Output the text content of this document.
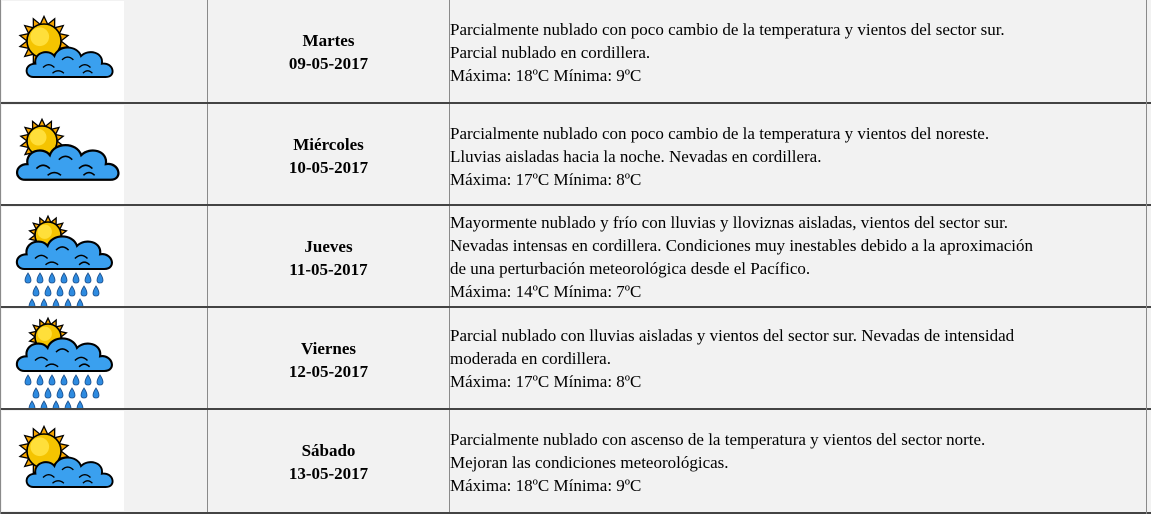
Martes
09-05-2017
Parcialmente nublado con poco cambio de la temperatura y vientos del sector sur.
Parcial nublado en cordillera.
Máxima: 18ºC Mínima: 9ºC
Miércoles
10-05-2017
Parcialmente nublado con poco cambio de la temperatura y vientos del noreste.
Lluvias aisladas hacia la noche. Nevadas en cordillera.
Máxima: 17ºC Mínima: 8ºC
Jueves
11-05-2017
Mayormente nublado y frío con lluvias y lloviznas aisladas, vientos del sector sur.
Nevadas intensas en cordillera. Condiciones muy inestables debido a la aproximación
de una perturbación meteorológica desde el Pacífico.
Máxima: 14ºC Mínima: 7ºC
Viernes
12-05-2017
Parcial nublado con lluvias aisladas y vientos del sector sur. Nevadas de intensidad
moderada en cordillera.
Máxima: 17ºC Mínima: 8ºC
Sábado
13-05-2017
Parcialmente nublado con ascenso de la temperatura y vientos del sector norte.
Mejoran las condiciones meteorológicas.
Máxima: 18ºC Mínima: 9ºC
